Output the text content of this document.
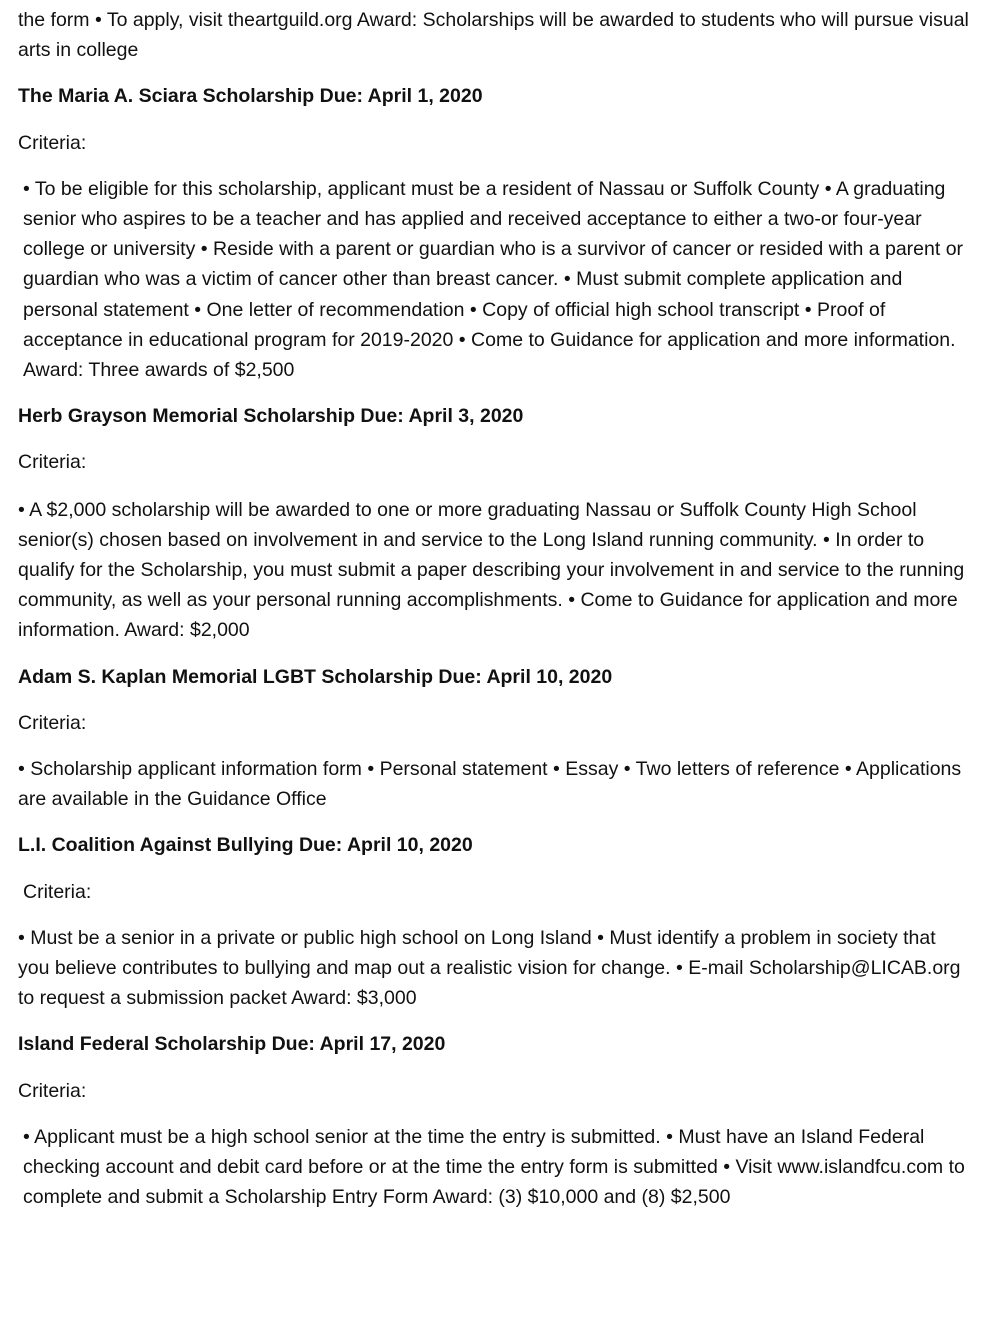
the form • To apply, visit theartguild.org Award: Scholarships will be awarded to students who will pursue visual arts in college

The Maria A. Sciara Scholarship Due: April 1, 2020

Criteria:

• To be eligible for this scholarship, applicant must be a resident of Nassau or Suffolk County • A graduating senior who aspires to be a teacher and has applied and received acceptance to either a two-or four-year college or university • Reside with a parent or guardian who is a survivor of cancer or resided with a parent or guardian who was a victim of cancer other than breast cancer. • Must submit complete application and personal statement • One letter of recommendation • Copy of official high school transcript • Proof of acceptance in educational program for 2019-2020 • Come to Guidance for application and more information. Award: Three awards of $2,500

Herb Grayson Memorial Scholarship Due: April 3, 2020

Criteria:

• A $2,000 scholarship will be awarded to one or more graduating Nassau or Suffolk County High School senior(s) chosen based on involvement in and service to the Long Island running community. • In order to qualify for the Scholarship, you must submit a paper describing your involvement in and service to the running community, as well as your personal running accomplishments. • Come to Guidance for application and more information. Award: $2,000

Adam S. Kaplan Memorial LGBT Scholarship Due: April 10, 2020

Criteria:

• Scholarship applicant information form • Personal statement • Essay • Two letters of reference • Applications are available in the Guidance Office

L.I. Coalition Against Bullying Due: April 10, 2020

Criteria:

• Must be a senior in a private or public high school on Long Island • Must identify a problem in society that you believe contributes to bullying and map out a realistic vision for change. • E-mail Scholarship@LICAB.org to request a submission packet Award: $3,000

Island Federal Scholarship Due: April 17, 2020

Criteria:

• Applicant must be a high school senior at the time the entry is submitted. • Must have an Island Federal checking account and debit card before or at the time the entry form is submitted • Visit www.islandfcu.com to complete and submit a Scholarship Entry Form Award: (3) $10,000 and (8) $2,500
